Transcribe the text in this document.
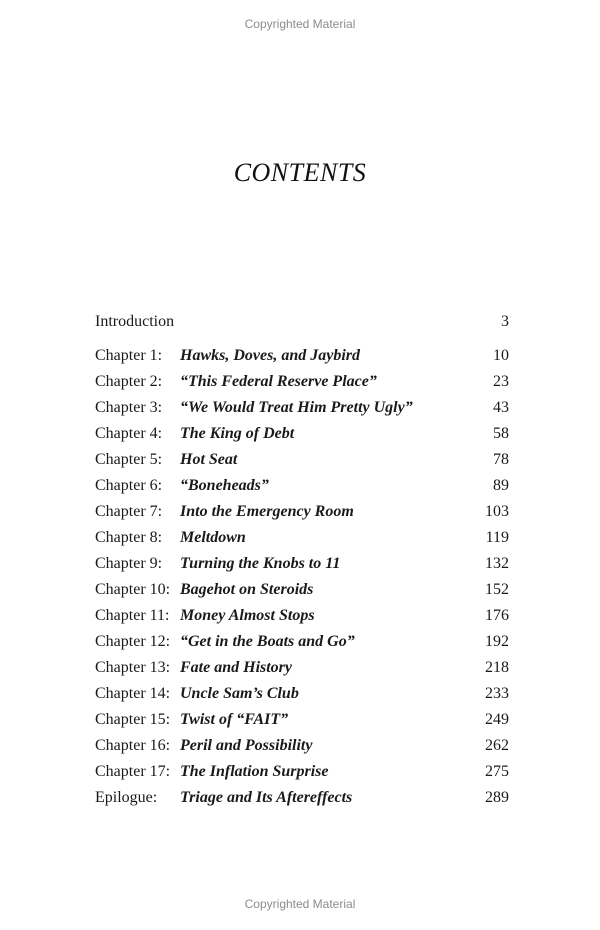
Copyrighted Material
CONTENTS
Introduction	3
Chapter 1: Hawks, Doves, and Jaybird	10
Chapter 2: “This Federal Reserve Place”	23
Chapter 3: “We Would Treat Him Pretty Ugly”	43
Chapter 4: The King of Debt	58
Chapter 5: Hot Seat	78
Chapter 6: “Boneheads”	89
Chapter 7: Into the Emergency Room	103
Chapter 8: Meltdown	119
Chapter 9: Turning the Knobs to 11	132
Chapter 10: Bagehot on Steroids	152
Chapter 11: Money Almost Stops	176
Chapter 12: “Get in the Boats and Go”	192
Chapter 13: Fate and History	218
Chapter 14: Uncle Sam’s Club	233
Chapter 15: Twist of “FAIT”	249
Chapter 16: Peril and Possibility	262
Chapter 17: The Inflation Surprise	275
Epilogue: Triage and Its Aftereffects	289
Copyrighted Material
